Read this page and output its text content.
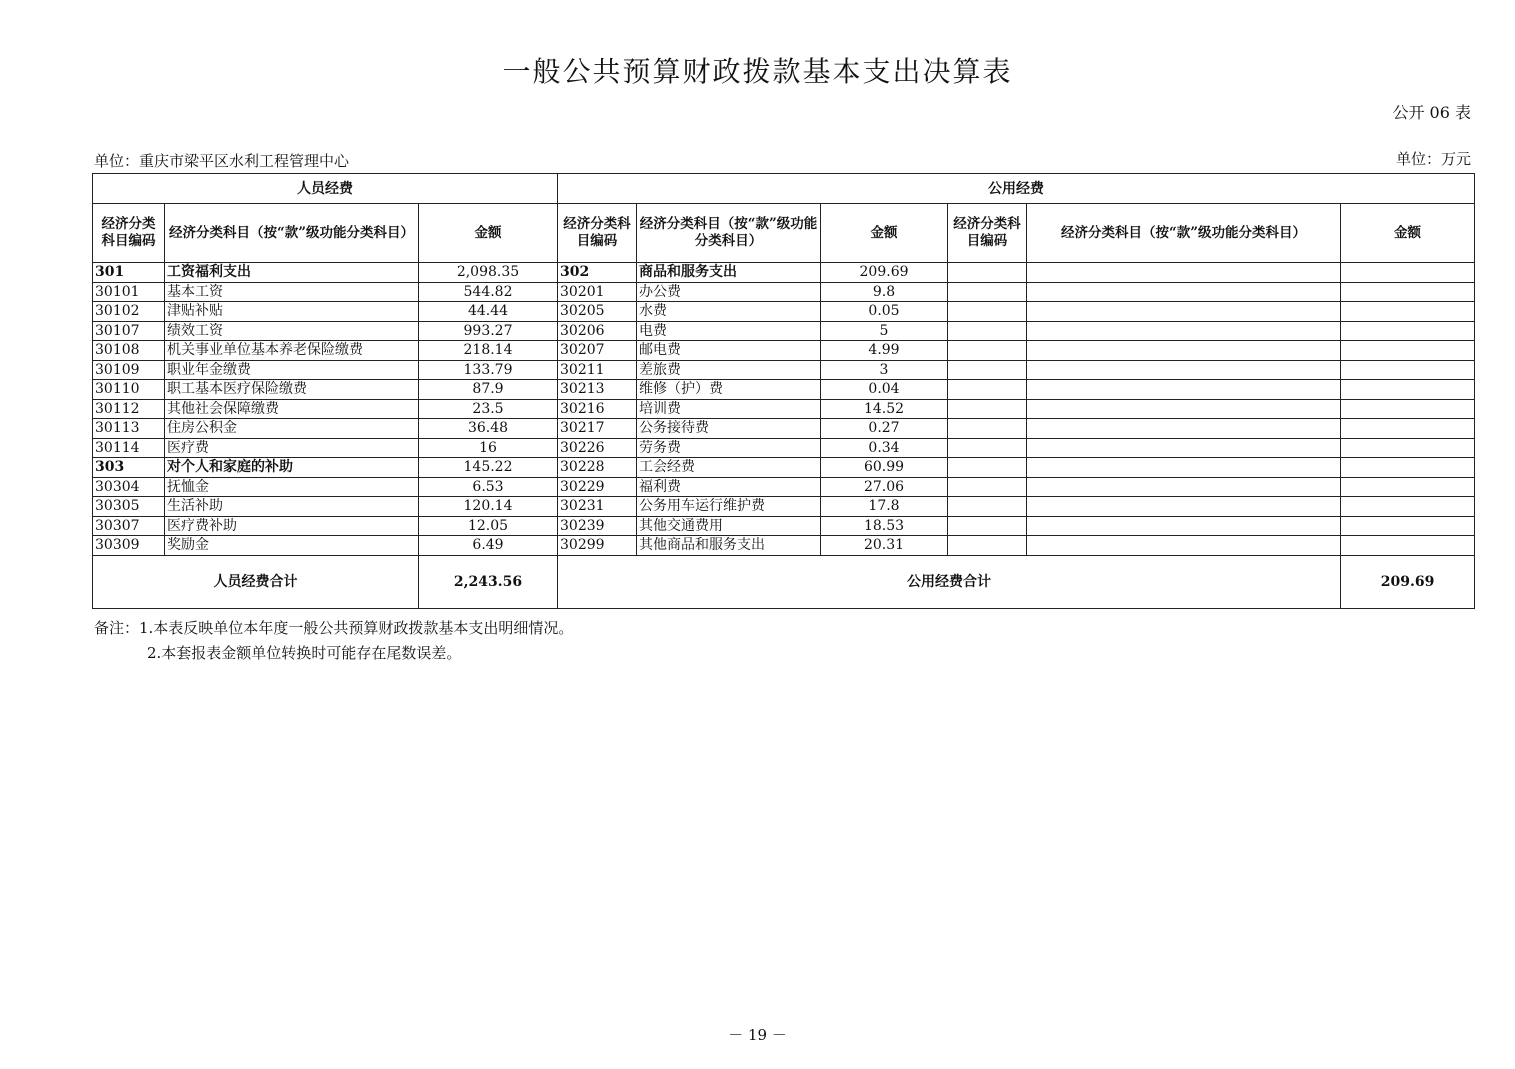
一般公共预算财政拨款基本支出决算表
公开 06 表
单位：重庆市梁平区水利工程管理中心	单位：万元
人员经费			公用经费					
经济分类科目编码	经济分类科目（按“款”级功能分类科目）	金额	经济分类科目编码	经济分类科目（按“款”级功能分类科目）	金额	经济分类科目编码	经济分类科目（按“款”级功能分类科目）	金额
301	工资福利支出	2,098.35	302	商品和服务支出	209.69			
30101	基本工资	544.82	30201	办公费	9.8			
30102	津贴补贴	44.44	30205	水费	0.05			
30107	绩效工资	993.27	30206	电费	5			
30108	机关事业单位基本养老保险缴费	218.14	30207	邮电费	4.99			
30109	职业年金缴费	133.79	30211	差旅费	3			
30110	职工基本医疗保险缴费	87.9	30213	维修（护）费	0.04			
30112	其他社会保障缴费	23.5	30216	培训费	14.52			
30113	住房公积金	36.48	30217	公务接待费	0.27			
30114	医疗费	16	30226	劳务费	0.34			
303	对个人和家庭的补助	145.22	30228	工会经费	60.99			
30304	抚恤金	6.53	30229	福利费	27.06			
30305	生活补助	120.14	30231	公务用车运行维护费	17.8			
30307	医疗费补助	12.05	30239	其他交通费用	18.53			
30309	奖励金	6.49	30299	其他商品和服务支出	20.31			
人员经费合计		2,243.56	公用经费合计					209.69
备注：1.本表反映单位本年度一般公共预算财政拨款基本支出明细情况。
2.本套报表金额单位转换时可能存在尾数误差。
－ 19 －
